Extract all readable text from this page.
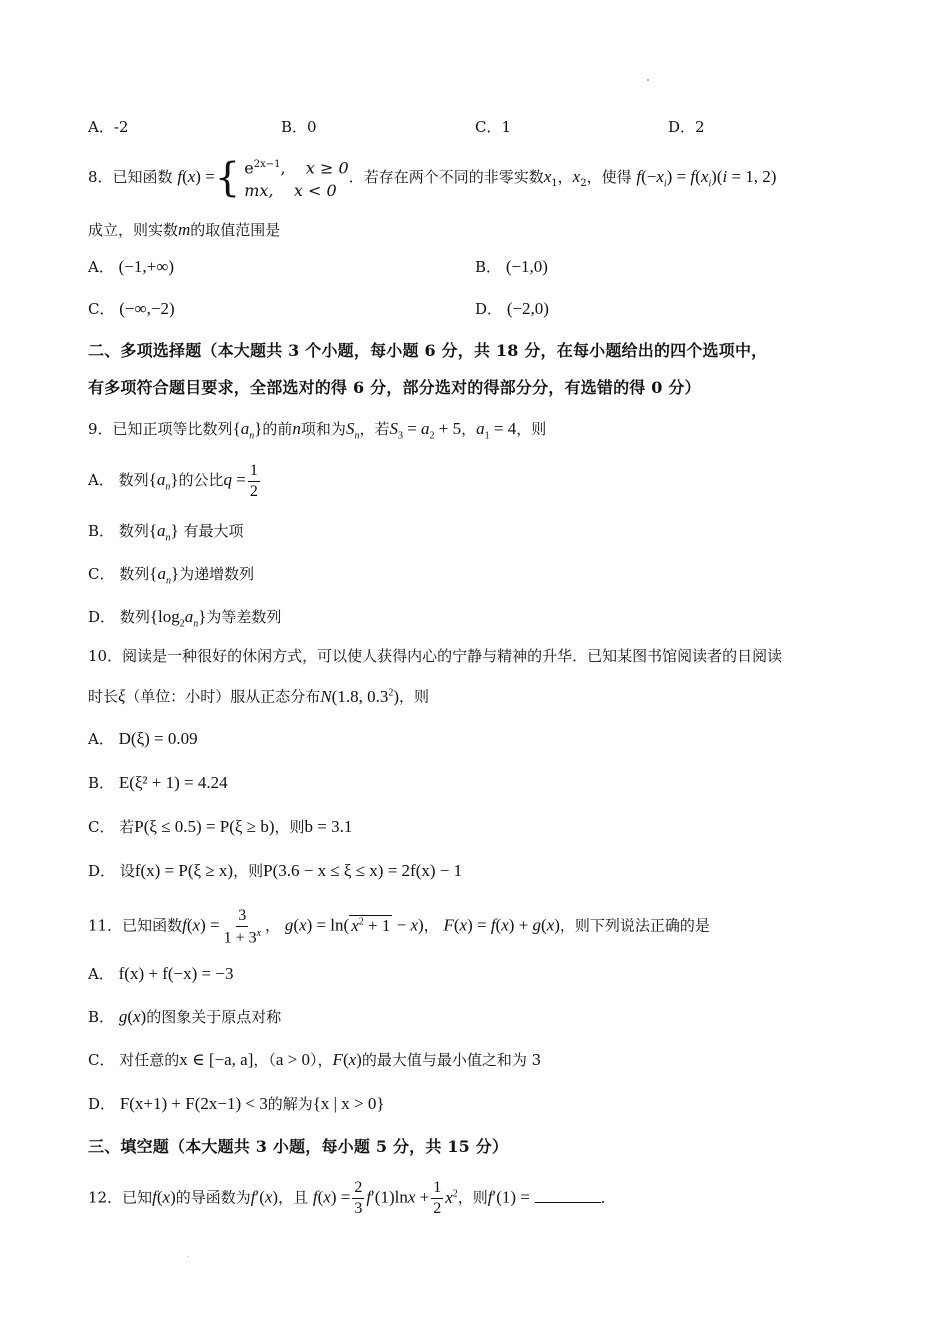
A．-2	B．0	C．1	D．2
8．已知函数 f(x) ={ $e^{2x-1}$,    x ≥ 0
mx, x < 0
．若存在两个不同的非零实数$x_1$，$x_2$，使得 $f(-x_i) = f(x_i)(i = 1$, 2)
成立，则实数m的取值范围是
A． (−1,+∞)	B． (−1,0)
C． (−∞,−2)	D． (−2,0)
二、多项选择题（本大题共 3 个小题，每小题 6 分，共 18 分，在每小题给出的四个选项中，
有多项符合题目要求，全部选对的得 6 分，部分选对的得部分分，有选错的得 0 分）
9．已知正项等比数列$\{a_n\}$的前n项和为$S_n$，若$S_3 = a_2 + 5$，$a_1 = 4$，则
A． 数列$\{a_n\}$的公比$q = \frac{1}{2}$
B． 数列$\{a_n\}$ 有最大项
C． 数列$\{a_n\}$为递增数列
D． 数列$\{\log_2a_n\}$为等差数列
10．阅读是一种很好的休闲方式，可以使人获得内心的宁静与精神的升华．已知某图书馆阅读者的日阅读
时长ξ（单位：小时）服从正态分布N(1.8, $0.3^2$)，则
A． D(ξ) = 0.09
B． E(ξ² + 1) = 4.24
C． 若P(ξ ≤ 0.5) = P(ξ ≥ b)，则b = 3.1
D． 设f(x) = P(ξ ≥ x)，则P(3.6 − x ≤ ξ ≤ x) = 2f(x) − 1
11．已知函数$f(x) = \frac{3}{1 + 3^x}$ ， g(x) = ln( $x^2 + 1 - x$)， F(x) = f(x) + g(x)，则下列说法正确的是
A． f(x) + f(−x) = −3
B． g(x)的图象关于原点对称
C． 对任意的x ∈ [−a, a]，（a > 0），F(x)的最大值与最小值之和为 3
D． F(x+1) + F(2x−1) < 3的解为{x | x > 0}
三、填空题（本大题共 3 小题，每小题 5 分，共 15 分）
12．已知f(x)的导函数为f′(x)，且 $f(x) = \frac{2}{3} f'(1)\ln x + \frac{1}{2} x^2$，则f′(1) =	．
